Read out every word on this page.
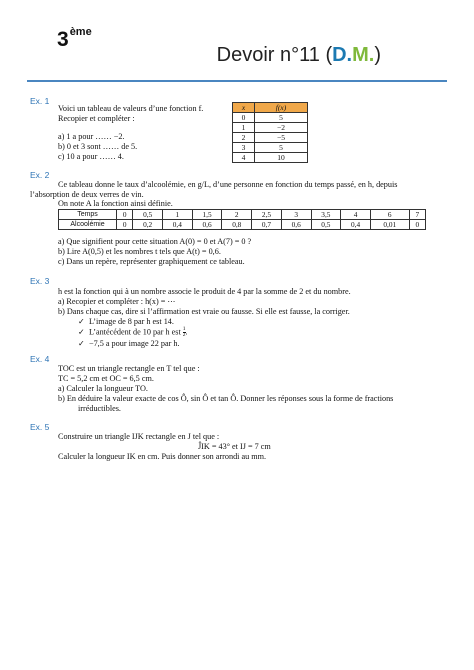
3ème
Devoir n°11 (D.M.)
Ex. 1
Voici un tableau de valeurs d’une fonction f.
Recopier et compléter :
a) 1 a pour …… −2.
b) 0 et 3 sont …… de 5.
c) 10 a pour …… 4.
x	f(x)
0	5
1	−2
2	−5
3	5
4	10
Ex. 2
Ce tableau donne le taux d’alcoolémie, en g/L, d’une personne en fonction du temps passé, en h, depuis
l’absorption de deux verres de vin.
On note A la fonction ainsi définie.
Temps	0	0,5	1	1,5	2	2,5	3	3,5	4	6	7
Alcoolémie	0	0,2	0,4	0,6	0,8	0,7	0,6	0,5	0,4	0,01	0
a) Que signifient pour cette situation A(0) = 0 et A(7) = 0 ?
b) Lire A(0,5) et les nombres t tels que A(t) = 0,6.
c) Dans un repère, représenter graphiquement ce tableau.
Ex. 3
h est la fonction qui à un nombre associe le produit de 4 par la somme de 2 et du nombre.
a) Recopier et compléter : h(x) = ⋯
b) Dans chaque cas, dire si l’affirmation est vraie ou fausse. Si elle est fausse, la corriger.
✓  L’image de 8 par h est 14.
✓  L’antécédent de 10 par h est $\frac{1}{2}$ .
✓  −7,5 a pour image 22 par h.
Ex. 4
TOC est un triangle rectangle en T tel que :
TC = 5,2 cm et OC = 6,5 cm.
a) Calculer la longueur TO.
b) En déduire la valeur exacte de cos Ô, sin Ô et tan Ô. Donner les réponses sous la forme de fractions
irréductibles.
Ex. 5
Construire un triangle IJK rectangle en J tel que :
ĴIK = 43° et IJ = 7 cm
Calculer la longueur IK en cm. Puis donner son arrondi au mm.
